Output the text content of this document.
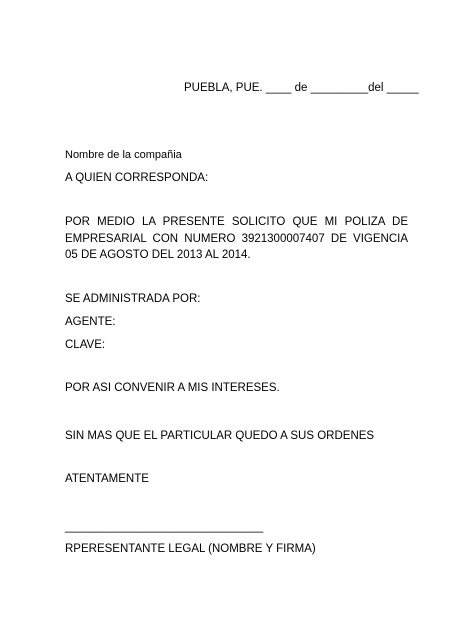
PUEBLA, PUE. ____ de _________del _____
Nombre de la compañia
A QUIEN CORRESPONDA:
POR MEDIO LA PRESENTE SOLICITO QUE MI POLIZA DE EMPRESARIAL CON NUMERO 3921300007407 DE VIGENCIA 05 DE AGOSTO DEL 2013 AL 2014.
SE ADMINISTRADA POR:
AGENTE:
CLAVE:
POR ASI CONVENIR A MIS INTERESES.
SIN MAS QUE EL PARTICULAR QUEDO A SUS ORDENES
ATENTAMENTE
_______________________________
RPERESENTANTE LEGAL (NOMBRE Y FIRMA)
